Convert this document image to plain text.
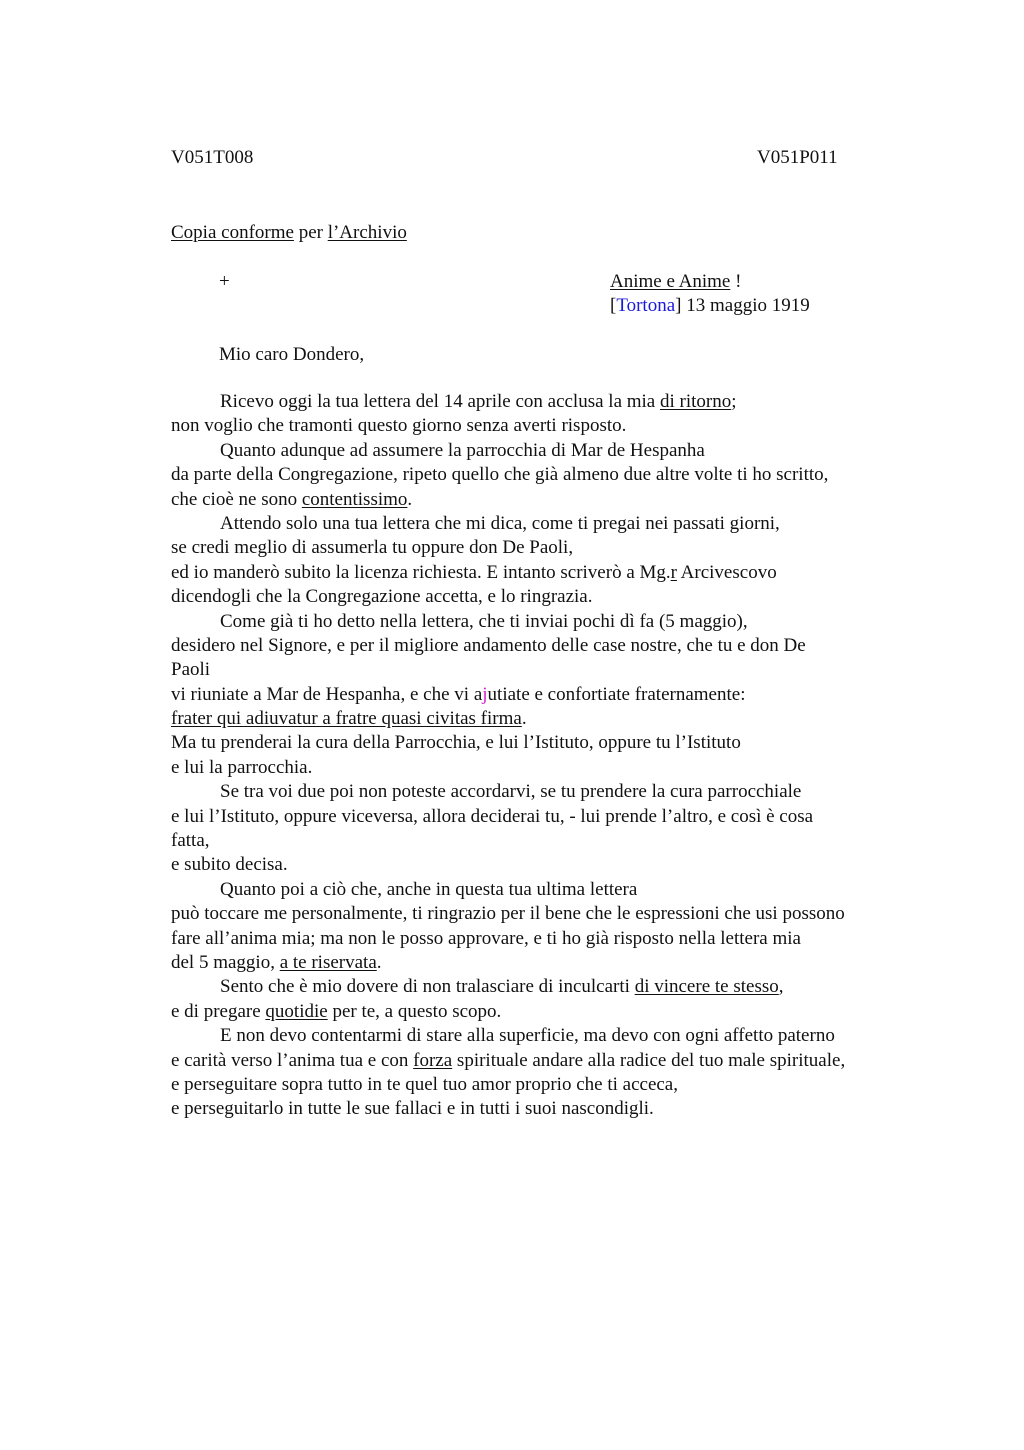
V051T008	V051P011
Copia conforme per l’Archivio
+	Anime e Anime !
[Tortona] 13 maggio 1919
Mio caro Dondero,
Ricevo oggi la tua lettera del 14 aprile con acclusa la mia di ritorno;
non voglio che tramonti questo giorno senza averti risposto.
Quanto adunque ad assumere la parrocchia di Mar de Hespanha
da parte della Congregazione, ripeto quello che già almeno due altre volte ti ho scritto,
che cioè ne sono contentissimo.
Attendo solo una tua lettera che mi dica, come ti pregai nei passati giorni,
se credi meglio di assumerla tu oppure don De Paoli,
ed io manderò subito la licenza richiesta. E intanto scriverò a Mg.r Arcivescovo
dicendogli che la Congregazione accetta, e lo ringrazia.
Come già ti ho detto nella lettera, che ti inviai pochi dì fa (5 maggio),
desidero nel Signore, e per il migliore andamento delle case nostre, che tu e don De
Paoli
vi riuniate a Mar de Hespanha, e che vi ajutiate e confortiate fraternamente:
frater qui adiuvatur a fratre quasi civitas firma.
Ma tu prenderai la cura della Parrocchia, e lui l’Istituto, oppure tu l’Istituto
e lui la parrocchia.
Se tra voi due poi non poteste accordarvi, se tu prendere la cura parrocchiale
e lui l’Istituto, oppure viceversa, allora deciderai tu, - lui prende l’altro, e così è cosa
fatta,
e subito decisa.
Quanto poi a ciò che, anche in questa tua ultima lettera
può toccare me personalmente, ti ringrazio per il bene che le espressioni che usi possono
fare all’anima mia; ma non le posso approvare, e ti ho già risposto nella lettera mia
del 5 maggio, a te riservata.
Sento che è mio dovere di non tralasciare di inculcarti di vincere te stesso,
e di pregare quotidie per te, a questo scopo.
E non devo contentarmi di stare alla superficie, ma devo con ogni affetto paterno
e carità verso l’anima tua e con forza spirituale andare alla radice del tuo male spirituale,
e perseguitare sopra tutto in te quel tuo amor proprio che ti acceca,
e perseguitarlo in tutte le sue fallaci e in tutti i suoi nascondigli.
